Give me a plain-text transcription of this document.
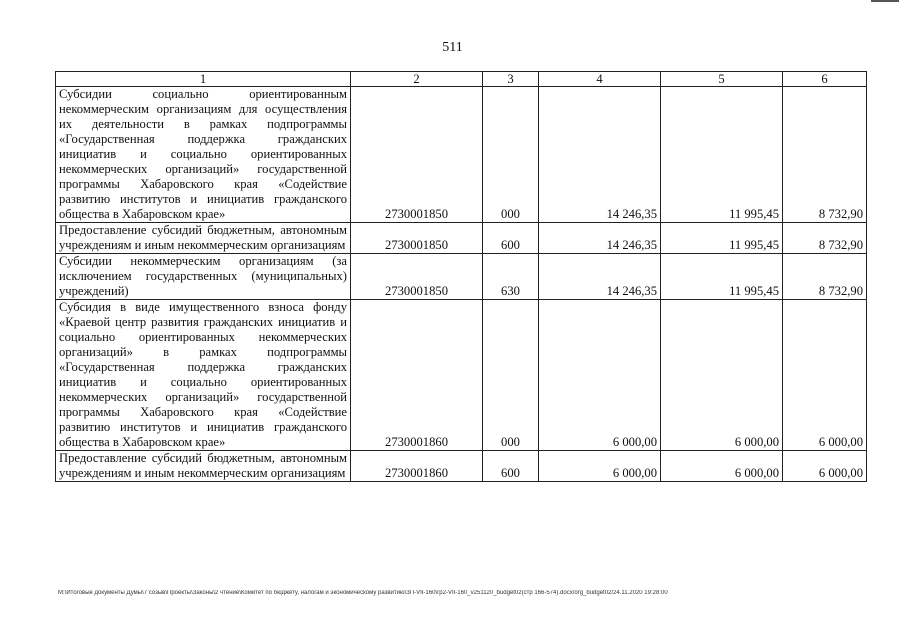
511
1	2	3	4	5	6
Субсидии социально ориентированным некоммерческим организациям для осуществления их деятельности в рамках подпрограммы «Государственная поддержка гражданских инициатив и социально ориентированных некоммерческих организаций» государственной программы Хабаровского края «Содействие развитию институтов и инициатив гражданского общества в Хабаровском крае»	2730001850	000	14 246,35	11 995,45	8 732,90
Предоставление субсидий бюджетным, автономным учреждениям и иным некоммерческим организациям	2730001850	600	14 246,35	11 995,45	8 732,90
Субсидии некоммерческим организациям (за исключением государственных (муниципальных) учреждений)	2730001850	630	14 246,35	11 995,45	8 732,90
Субсидия в виде имущественного взноса фонду «Краевой центр развития гражданских инициатив и социально ориентированных некоммерческих организаций» в рамках подпрограммы «Государственная поддержка гражданских инициатив и социально ориентированных некоммерческих организаций» государственной программы Хабаровского края «Содействие развитию институтов и инициатив гражданского общества в Хабаровском крае»	2730001860	000	6 000,00	6 000,00	6 000,00
Предоставление субсидий бюджетным, автономным учреждениям и иным некоммерческим организациям	2730001860	600	6 000,00	6 000,00	6 000,00
M:\Итоговые документы Думы\7 созыв\Проекты\Законы\2 чтение\Комитет по бюджету, налогам и экономическому развитию\ЗП-VII-160\гр2-VII-160_v251120_budget02(стр 166-574).docx/org_budget02/24.11.2020 19:28:00
